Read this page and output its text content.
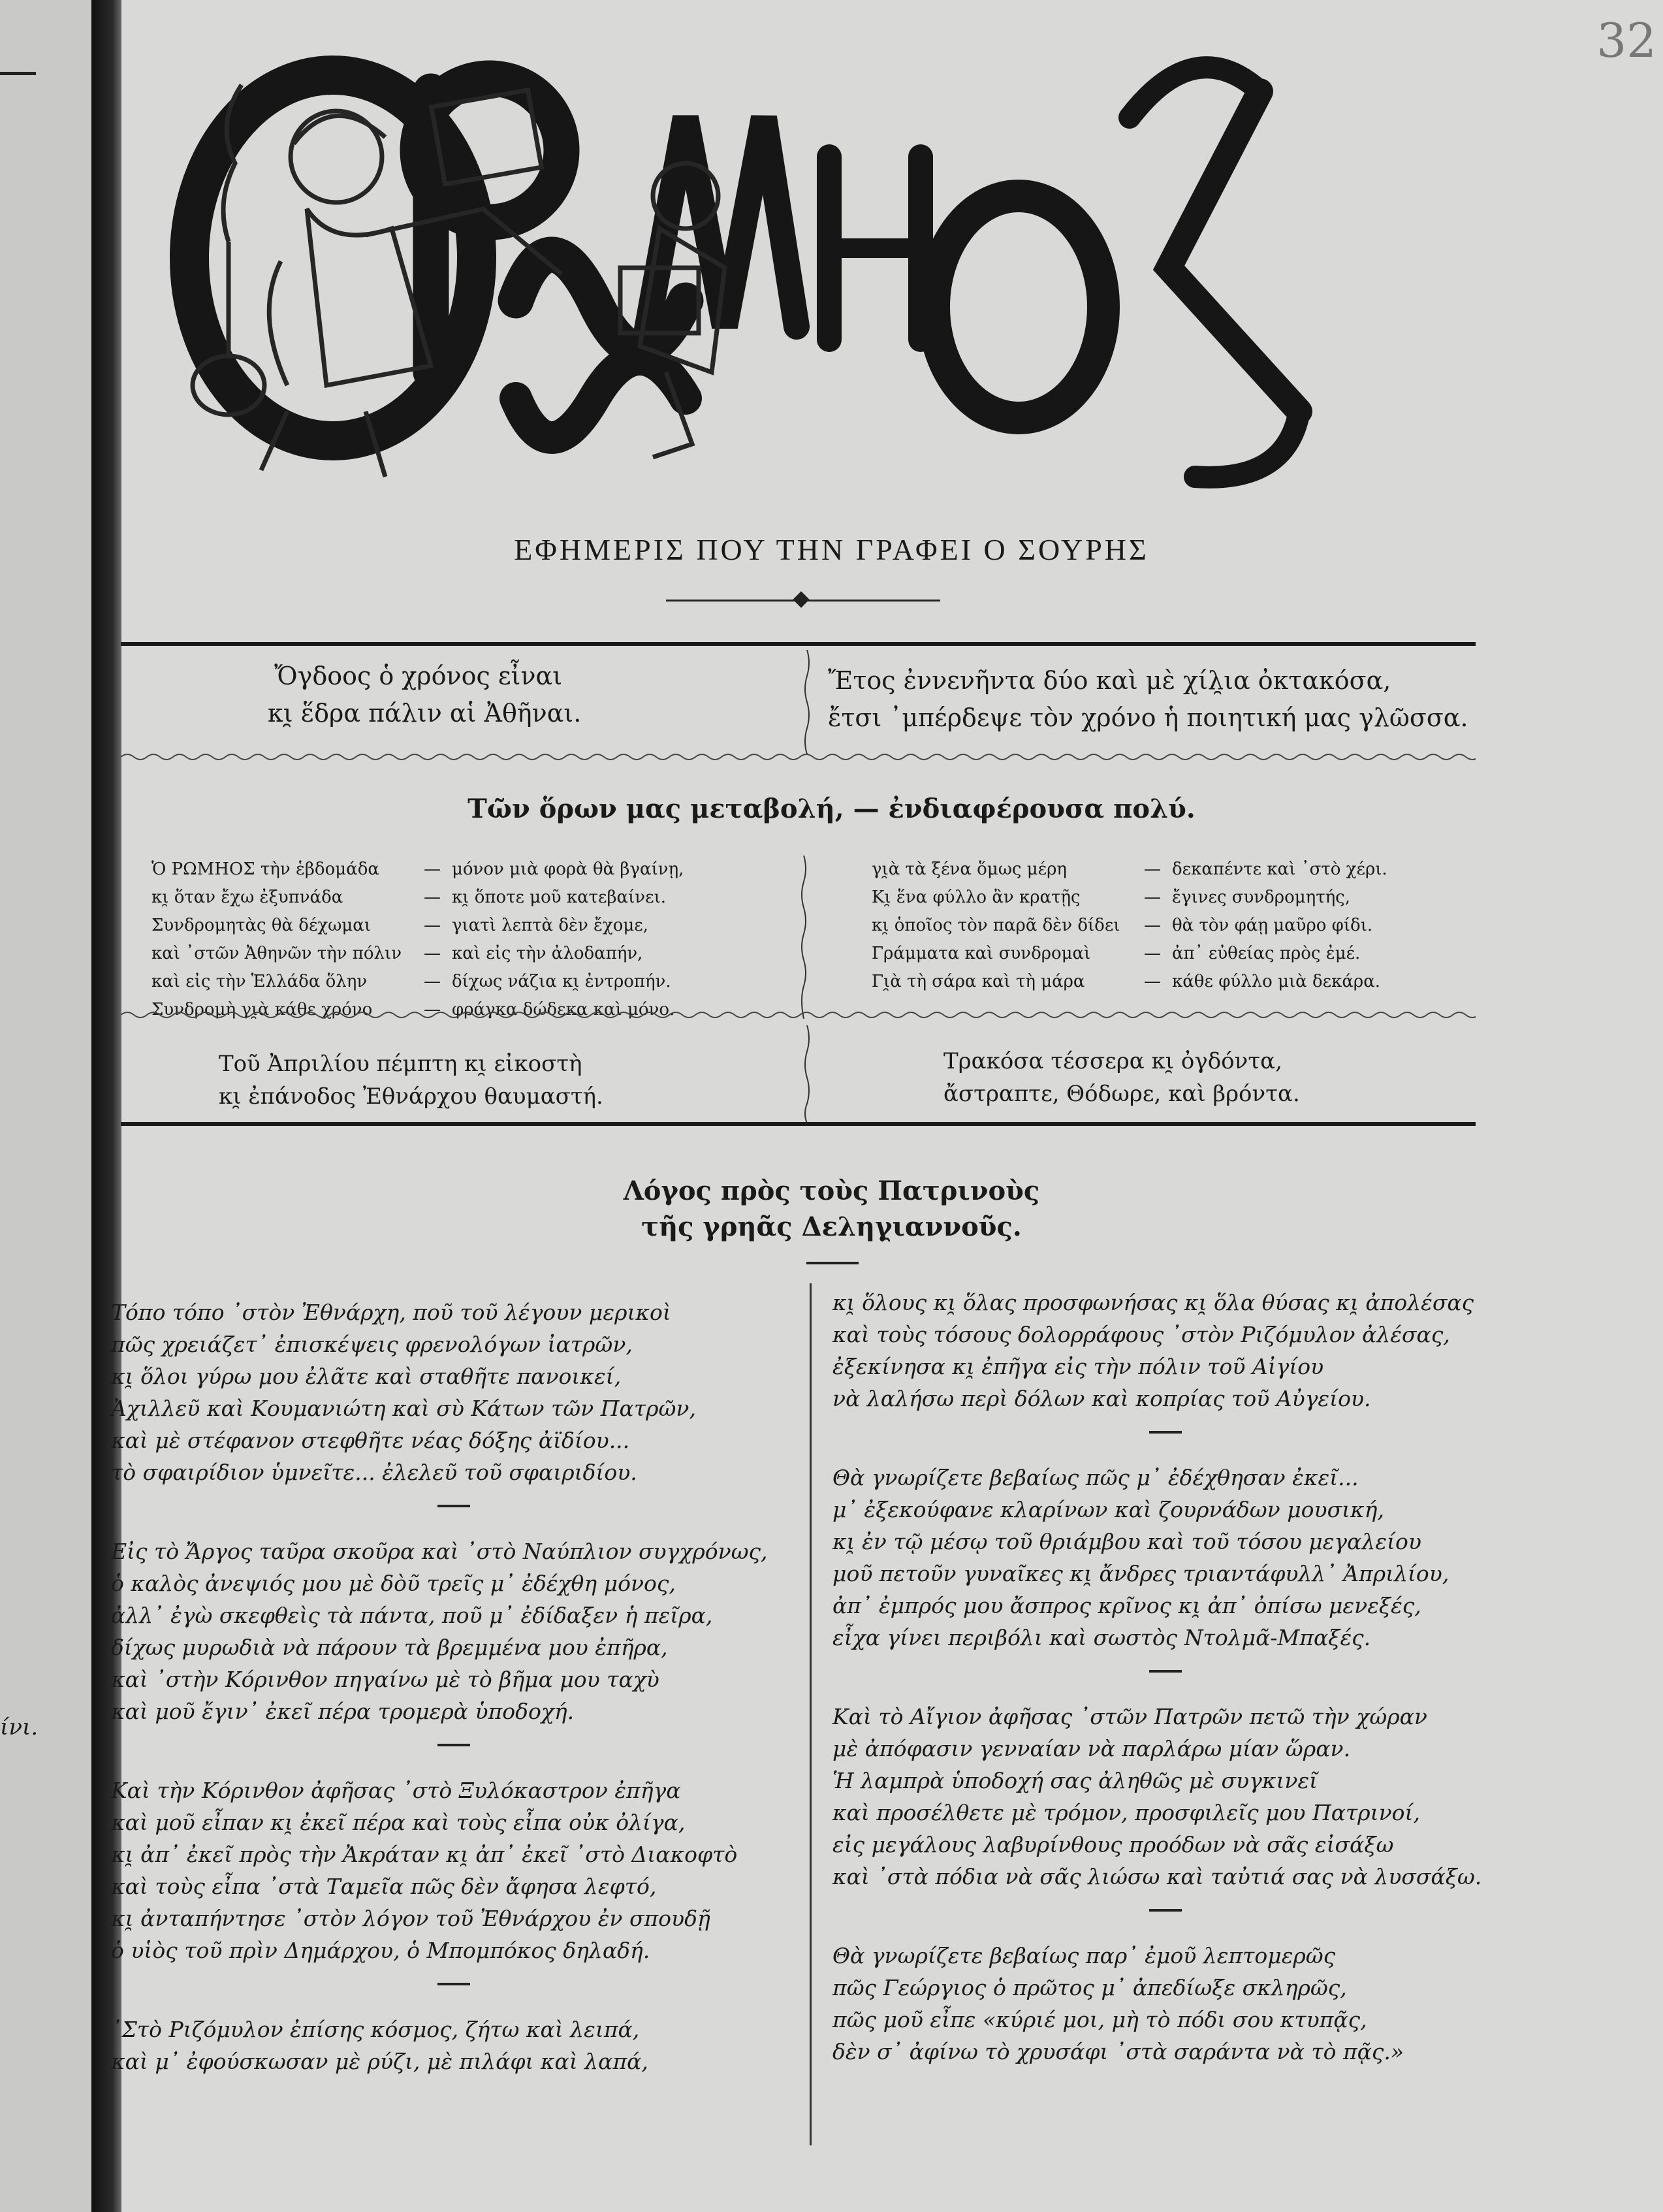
ίνι.
32
ΕΦΗΜΕΡΙΣ ΠΟΥ ΤΗΝ ΓΡΑΦΕΙ Ο ΣΟΥΡΗΣ
Ὄγδοος ὁ χρόνος εἶναι
κι̯ ἕδρα πάλιν αἱ Ἀθῆναι.
Ἔτος ἐννενῆντα δύο καὶ μὲ χίλ̯ια ὀκτακόσα,
ἔτσι ᾿μπέρδεψε τὸν χρόνο ἡ ποιητική μας γλῶσσα.
Τῶν ὅρων μας μεταβολή, — ἐνδιαφέρουσα πολύ.
Ὁ ΡΩΜΗΟΣ τὴν ἑβδομάδα	— μόνον μιὰ φορὰ θὰ βγαίνῃ,
κι̯ ὅταν ἔχω ἐξυπνάδα	— κι̯ ὅποτε μοῦ κατεβαίνει.
Συνδρομητὰς θὰ δέχωμαι	— γιατὶ λεπτὰ δὲν ἔχομε,
καὶ ᾿στῶν Ἀθηνῶν τὴν πόλιν	— καὶ εἰς τὴν ἀλοδαπήν,
καὶ εἰς τὴν Ἑλλάδα ὅλην	— δίχως νάζια κι̯ ἐντροπήν.
Συνδρομὴ γι̯ὰ κάθε χρόνο	— φράγκα δώδεκα καὶ μόνο.
γι̯ὰ τὰ ξένα ὅμως μέρη	— δεκαπέντε καὶ ᾿στὸ χέρι.
Κι̯ ἕνα φύλλο ἂν κρατῇς	— ἔγινες συνδρομητής,
κι̯ ὁποῖος τὸν παρᾶ δὲν δίδει	— θὰ τὸν φάῃ μαῦρο φίδι.
Γράμματα καὶ συνδρομαὶ	— ἀπ᾿ εὐθείας πρὸς ἐμέ.
Γι̯ὰ τὴ σάρα καὶ τὴ μάρα	— κάθε φύλλο μιὰ δεκάρα.
Τοῦ Ἀπριλίου πέμπτη κι̯ εἰκοστὴ
κι̯ ἐπάνοδος Ἐθνάρχου θαυμαστή.
Τρακόσα τέσσερα κι̯ ὀγδόντα,
ἄστραπτε, Θόδωρε, καὶ βρόντα.
Λόγος πρὸς τοὺς Πατρινοὺς
τῆς γρηᾶς Δεληγ̯ιαννοῦς.
Τόπο τόπο ᾿στὸν Ἐθνάρχη, ποῦ τοῦ λέγουν μερικοὶ
πῶς χρειάζετ᾿ ἐπισκέψεις φρενολόγων ἰατρῶν,
κι̯ ὅλοι γύρω μου ἐλᾶτε καὶ σταθῆτε πανοικεί,
Ἀχιλλεῦ καὶ Κουμανιώτη καὶ σὺ Κάτων τῶν Πατρῶν,
καὶ μὲ στέφανον στεφθῆτε νέας δόξης ἀϊδίου...
τὸ σφαιρίδιον ὑμνεῖτε... ἐλελεῦ τοῦ σφαιριδίου.
Εἰς τὸ Ἄργος ταῦρα σκοῦρα καὶ ᾿στὸ Ναύπλιον συγχρόνως,
ὁ καλὸς ἀνεψιός μου μὲ δὸῦ τρεῖς μ᾿ ἐδέχθη μόνος,
ἀλλ᾿ ἐγὼ σκεφθεὶς τὰ πάντα, ποῦ μ᾿ ἐδίδαξεν ἡ πεῖρα,
δίχως μυρωδιὰ νὰ πάρουν τὰ βρεμμένα μου ἐπῆρα,
καὶ ᾿στὴν Κόρινθον πηγαίνω μὲ τὸ βῆμα μου ταχὺ
καὶ μοῦ ἔγιν᾿ ἐκεῖ πέρα τρομερὰ ὑποδοχή.
Καὶ τὴν Κόρινθον ἀφῆσας ᾿στὸ Ξυλόκαστρον ἐπῆγα
καὶ μοῦ εἶπαν κι̯ ἐκεῖ πέρα καὶ τοὺς εἶπα οὐκ ὀλίγα,
κι̯ ἀπ᾿ ἐκεῖ πρὸς τὴν Ἀκράταν κι̯ ἀπ᾿ ἐκεῖ ᾿στὸ Διακοφτὸ
καὶ τοὺς εἶπα ᾿στὰ Ταμεῖα πῶς δὲν ἄφησα λεφτό,
κι̯ ἀνταπήντησε ᾿στὸν λόγον τοῦ Ἐθνάρχου ἐν σπουδῇ
ὁ υἱὸς τοῦ πρὶν Δημάρχου, ὁ Μπομπόκος δηλαδή.
᾿Στὸ Ριζόμυλον ἐπίσης κόσμος, ζήτω καὶ λειπά,
καὶ μ᾿ ἐφούσκωσαν μὲ ρύζι, μὲ πιλάφι καὶ λαπά,
κι̯ ὅλους κι̯ ὅλας προσφωνήσας κι̯ ὅλα θύσας κι̯ ἀπολέσας
καὶ τοὺς τόσους δολορράφους ᾿στὸν Ριζόμυλον ἀλέσας,
ἐξεκίνησα κι̯ ἐπῆγα εἰς τὴν πόλιν τοῦ Αἰγίου
νὰ λαλήσω περὶ δόλων καὶ κοπρίας τοῦ Αὐγείου.
Θὰ γνωρίζετε βεβαίως πῶς μ᾿ ἐδέχθησαν ἐκεῖ...
μ᾿ ἐξεκούφανε κλαρίνων καὶ ζουρνάδων μουσική,
κι̯ ἐν τῷ μέσῳ τοῦ θριάμβου καὶ τοῦ τόσου μεγαλείου
μοῦ πετοῦν γυναῖκες κι̯ ἄνδρες τριαντάφυλλ᾿ Ἀπριλίου,
ἀπ᾿ ἐμπρός μου ἄσπρος κρῖνος κι̯ ἀπ᾿ ὀπίσω μενεξές,
εἶχα γίνει περιβόλι καὶ σωστὸς Ντολμᾶ-Μπαξές.
Καὶ τὸ Αἴγιον ἀφῆσας ᾿στῶν Πατρῶν πετῶ τὴν χώραν
μὲ ἀπόφασιν γενναίαν νὰ παρλάρω μίαν ὥραν.
Ἡ λαμπρὰ ὑποδοχή σας ἀληθῶς μὲ συγκινεῖ
καὶ προσέλθετε μὲ τρόμον, προσφιλεῖς μου Πατρινοί,
εἰς μεγάλους λαβυρίνθους προόδων νὰ σᾶς εἰσάξω
καὶ ᾿στὰ πόδια νὰ σᾶς λιώσω καὶ ταὐτιά σας νὰ λυσσάξω.
Θὰ γνωρίζετε βεβαίως παρ᾿ ἐμοῦ λεπτομερῶς
πῶς Γεώργιος ὁ πρῶτος μ᾿ ἀπεδίωξε σκληρῶς,
πῶς μοῦ εἶπε «κύριέ μοι, μὴ τὸ πόδι σου κτυπᾷς,
δὲν σ᾿ ἀφίνω τὸ χρυσάφι ᾿στὰ σαράντα νὰ τὸ πᾷς.»
